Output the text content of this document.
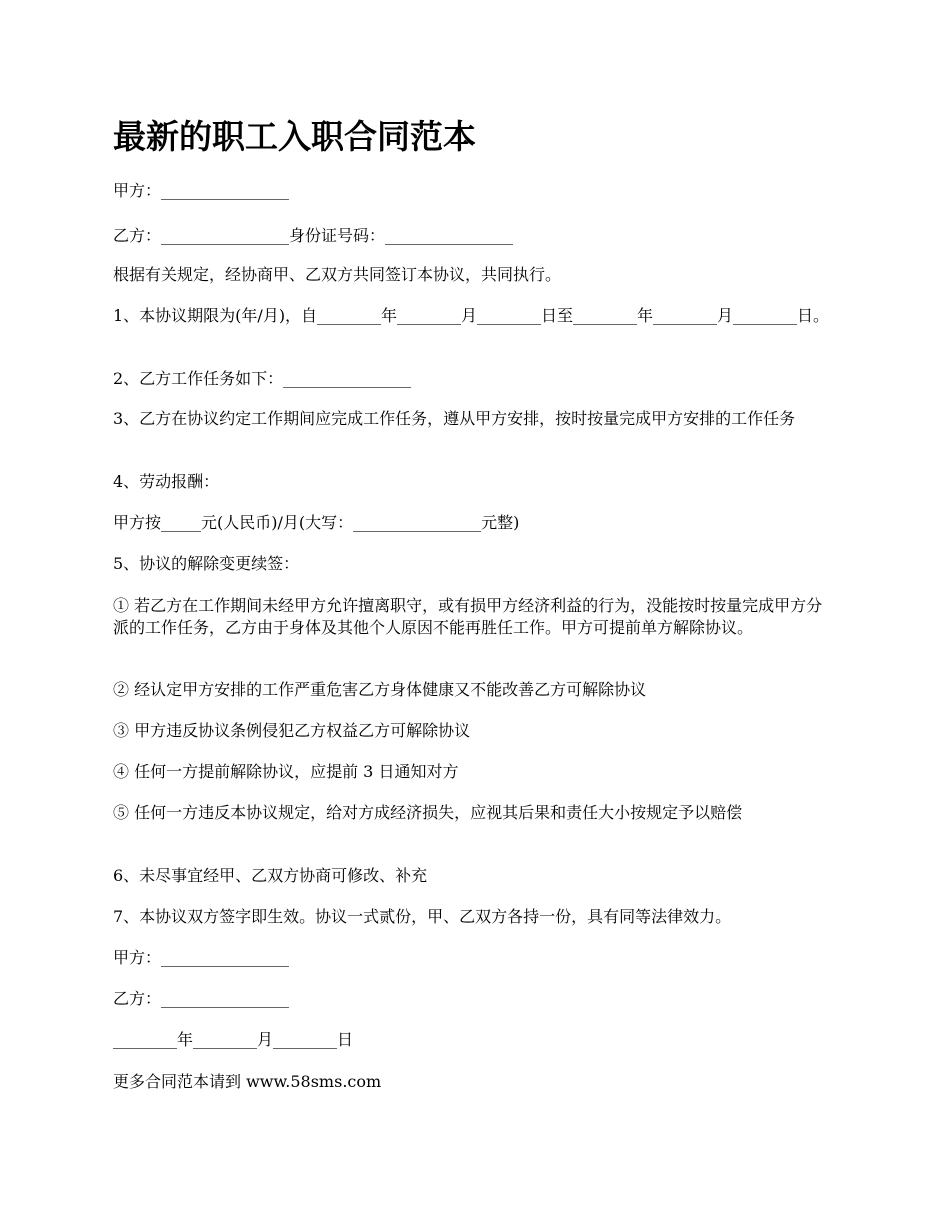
最新的职工入职合同范本

甲方：________________

乙方：________________身份证号码：________________

根据有关规定，经协商甲、乙双方共同签订本协议，共同执行。

1、本协议期限为(年/月)，自________年________月________日至________年________月________日。

2、乙方工作任务如下：________________

3、乙方在协议约定工作期间应完成工作任务，遵从甲方安排，按时按量完成甲方安排的工作任务

4、劳动报酬：

甲方按_____元(人民币)/月(大写：________________元整)

5、协议的解除变更续签：

① 若乙方在工作期间未经甲方允许擅离职守，或有损甲方经济利益的行为，没能按时按量完成甲方分派的工作任务，乙方由于身体及其他个人原因不能再胜任工作。甲方可提前单方解除协议。

② 经认定甲方安排的工作严重危害乙方身体健康又不能改善乙方可解除协议

③ 甲方违反协议条例侵犯乙方权益乙方可解除协议

④ 任何一方提前解除协议，应提前 3 日通知对方

⑤ 任何一方违反本协议规定，给对方成经济损失，应视其后果和责任大小按规定予以赔偿

6、未尽事宜经甲、乙双方协商可修改、补充

7、本协议双方签字即生效。协议一式贰份，甲、乙双方各持一份，具有同等法律效力。

甲方：________________

乙方：________________

________年________月________日

更多合同范本请到 www.58sms.com
